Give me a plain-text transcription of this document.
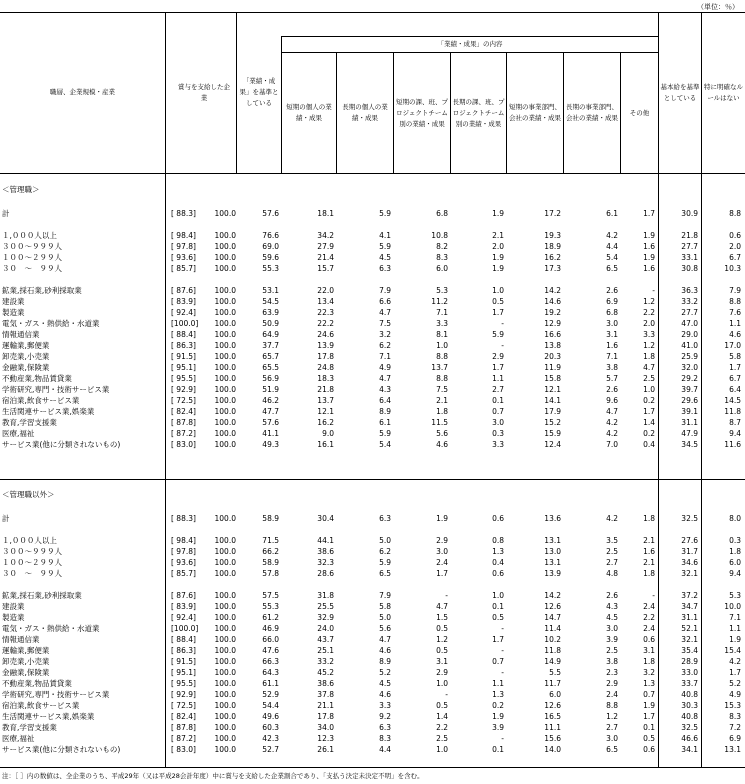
（単位：％）
職層、企業規模・産業
賞与を支給した企業
「業績・成果」を基準としている
「業績・成果」の内容
短期の個人の業績・成果
長期の個人の業績・成果
短期の課、班、プロジェクトチーム別の業績・成果
長期の課、班、プロジェクトチーム別の業績・成果
短期の事業部門、会社の業績・成果
長期の事業部門、会社の業績・成果
その他
基本給を基準としている
特に明確なルールはない
＜管理職＞
計	[ 88.3] 100.0	57.6	18.1	5.9	6.8	1.9	17.2	6.1	1.7	30.9	8.8
１,０００人以上	[ 98.4] 100.0	76.6	34.2	4.1	10.8	2.1	19.3	4.2	1.9	21.8	0.6
３００～９９９人	[ 97.8] 100.0	69.0	27.9	5.9	8.2	2.0	18.9	4.4	1.6	27.7	2.0
１００～２９９人	[ 93.6] 100.0	59.6	21.4	4.5	8.3	1.9	16.2	5.4	1.9	33.1	6.7
３０　～　９９人	[ 85.7] 100.0	55.3	15.7	6.3	6.0	1.9	17.3	6.5	1.6	30.8	10.3
鉱業,採石業,砂利採取業	[ 87.6] 100.0	53.1	22.0	7.9	5.3	1.0	14.2	2.6	-	36.3	7.9
建設業	[ 83.9] 100.0	54.5	13.4	6.6	11.2	0.5	14.6	6.9	1.2	33.2	8.8
製造業	[ 92.4] 100.0	63.9	22.3	4.7	7.1	1.7	19.2	6.8	2.2	27.7	7.6
電気・ガス・熱供給・水道業	[100.0] 100.0	50.9	22.2	7.5	3.3	-	12.9	3.0	2.0	47.0	1.1
情報通信業	[ 88.4] 100.0	64.9	24.6	3.2	8.1	5.9	16.6	3.1	3.3	29.0	4.6
運輸業,郵便業	[ 86.3] 100.0	37.7	13.9	6.2	1.0	-	13.8	1.6	1.2	41.0	17.0
卸売業,小売業	[ 91.5] 100.0	65.7	17.8	7.1	8.8	2.9	20.3	7.1	1.8	25.9	5.8
金融業,保険業	[ 95.1] 100.0	65.5	24.8	4.9	13.7	1.7	11.9	3.8	4.7	32.0	1.7
不動産業,物品賃貸業	[ 95.5] 100.0	56.9	18.3	4.7	8.8	1.1	15.8	5.7	2.5	29.2	6.7
学術研究,専門・技術サービス業	[ 92.9] 100.0	51.9	21.8	4.3	7.5	2.7	12.1	2.6	1.0	39.7	6.4
宿泊業,飲食サービス業	[ 72.5] 100.0	46.2	13.7	6.4	2.1	0.1	14.1	9.6	0.2	29.6	14.5
生活関連サービス業,娯楽業	[ 82.4] 100.0	47.7	12.1	8.9	1.8	0.7	17.9	4.7	1.7	39.1	11.8
教育,学習支援業	[ 87.8] 100.0	57.6	16.2	6.1	11.5	3.0	15.2	4.2	1.4	31.1	8.7
医療,福祉	[ 87.2] 100.0	41.1	9.0	5.9	5.6	0.3	15.9	4.2	0.2	47.9	9.4
サービス業(他に分類されないもの)	[ 83.0] 100.0	49.3	16.1	5.4	4.6	3.3	12.4	7.0	0.4	34.5	11.6
＜管理職以外＞
計	[ 88.3] 100.0	58.9	30.4	6.3	1.9	0.6	13.6	4.2	1.8	32.5	8.0
１,０００人以上	[ 98.4] 100.0	71.5	44.1	5.0	2.9	0.8	13.1	3.5	2.1	27.6	0.3
３００～９９９人	[ 97.8] 100.0	66.2	38.6	6.2	3.0	1.3	13.0	2.5	1.6	31.7	1.8
１００～２９９人	[ 93.6] 100.0	58.9	32.3	5.9	2.4	0.4	13.1	2.7	2.1	34.6	6.0
３０　～　９９人	[ 85.7] 100.0	57.8	28.6	6.5	1.7	0.6	13.9	4.8	1.8	32.1	9.4
鉱業,採石業,砂利採取業	[ 87.6] 100.0	57.5	31.8	7.9	-	1.0	14.2	2.6	-	37.2	5.3
建設業	[ 83.9] 100.0	55.3	25.5	5.8	4.7	0.1	12.6	4.3	2.4	34.7	10.0
製造業	[ 92.4] 100.0	61.2	32.9	5.0	1.5	0.5	14.7	4.5	2.2	31.1	7.1
電気・ガス・熱供給・水道業	[100.0] 100.0	46.9	24.0	5.6	0.5	-	11.4	3.0	2.4	52.1	1.1
情報通信業	[ 88.4] 100.0	66.0	43.7	4.7	1.2	1.7	10.2	3.9	0.6	32.1	1.9
運輸業,郵便業	[ 86.3] 100.0	47.6	25.1	4.6	0.5	-	11.8	2.5	3.1	35.4	15.4
卸売業,小売業	[ 91.5] 100.0	66.3	33.2	8.9	3.1	0.7	14.9	3.8	1.8	28.9	4.2
金融業,保険業	[ 95.1] 100.0	64.3	45.2	5.2	2.9	-	5.5	2.3	3.2	33.0	1.7
不動産業,物品賃貸業	[ 95.5] 100.0	61.1	38.6	4.5	1.0	1.1	11.7	2.9	1.3	33.7	5.2
学術研究,専門・技術サービス業	[ 92.9] 100.0	52.9	37.8	4.6	-	1.3	6.0	2.4	0.7	40.8	4.9
宿泊業,飲食サービス業	[ 72.5] 100.0	54.4	21.1	3.3	0.5	0.2	12.6	8.8	1.9	30.3	15.3
生活関連サービス業,娯楽業	[ 82.4] 100.0	49.6	17.8	9.2	1.4	1.9	16.5	1.2	1.7	40.8	8.3
教育,学習支援業	[ 87.8] 100.0	60.3	34.0	6.3	2.2	3.9	11.1	2.7	0.1	32.5	7.2
医療,福祉	[ 87.2] 100.0	42.3	12.3	8.3	2.5	-	15.6	3.0	0.5	46.6	6.9
サービス業(他に分類されないもの)	[ 83.0] 100.0	52.7	26.1	4.4	1.0	0.1	14.0	6.5	0.6	34.1	13.1
注：［ ］内の数値は、全企業のうち、平成29年（又は平成28会計年度）中に賞与を支給した企業割合であり、「支払う決定未決定不明」を含む。
